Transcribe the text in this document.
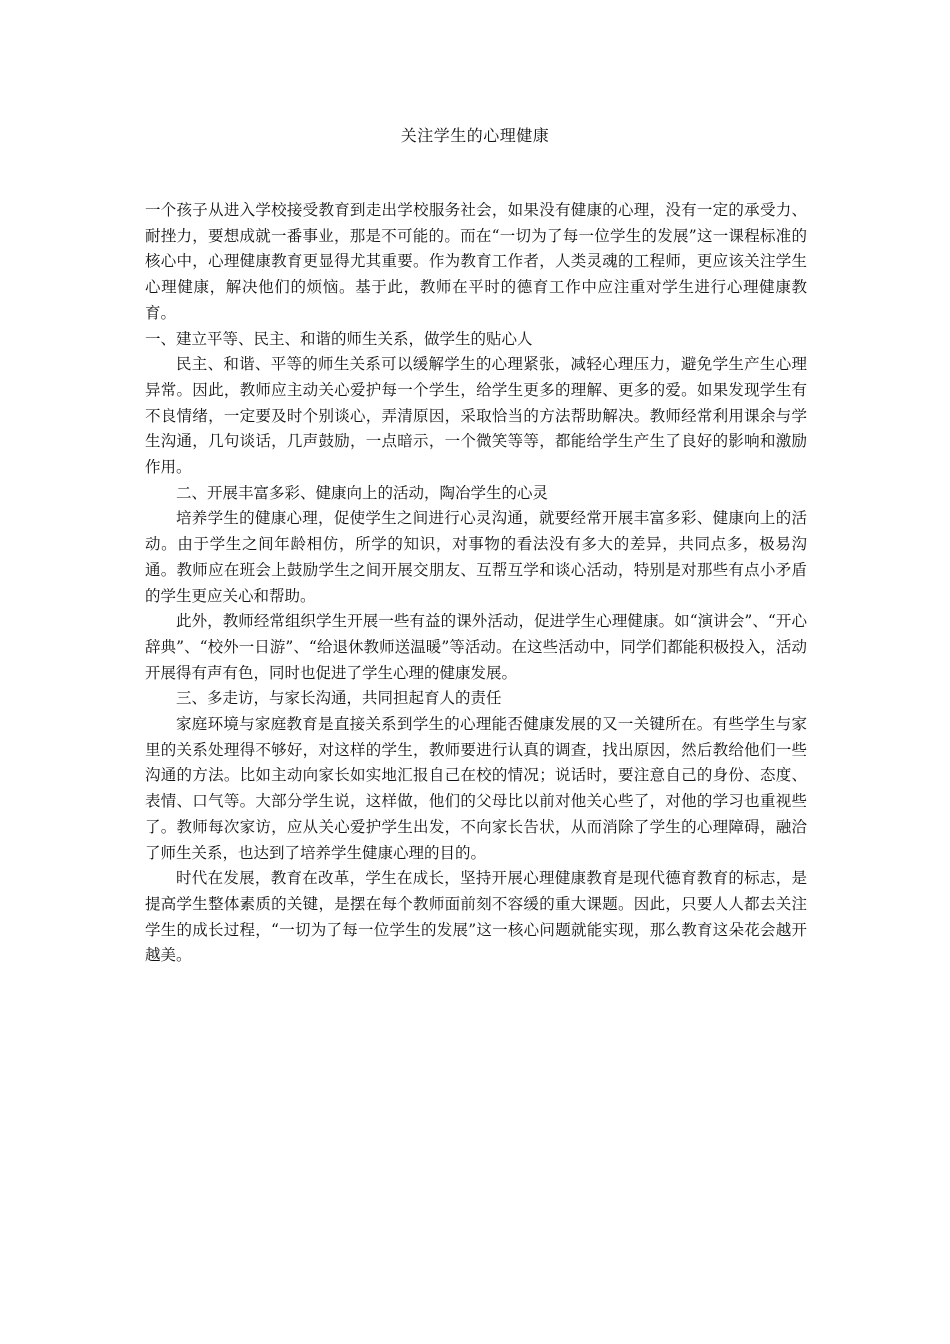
关注学生的心理健康

一个孩子从进入学校接受教育到走出学校服务社会，如果没有健康的心理，没有一定的承受力、耐挫力，要想成就一番事业，那是不可能的。而在“一切为了每一位学生的发展”这一课程标准的核心中，心理健康教育更显得尤其重要。作为教育工作者，人类灵魂的工程师，更应该关注学生心理健康，解决他们的烦恼。基于此，教师在平时的德育工作中应注重对学生进行心理健康教育。

一、建立平等、民主、和谐的师生关系，做学生的贴心人

民主、和谐、平等的师生关系可以缓解学生的心理紧张，减轻心理压力，避免学生产生心理异常。因此，教师应主动关心爱护每一个学生，给学生更多的理解、更多的爱。如果发现学生有不良情绪，一定要及时个别谈心，弄清原因，采取恰当的方法帮助解决。教师经常利用课余与学生沟通，几句谈话，几声鼓励，一点暗示，一个微笑等等，都能给学生产生了良好的影响和激励作用。

二、开展丰富多彩、健康向上的活动，陶冶学生的心灵

培养学生的健康心理，促使学生之间进行心灵沟通，就要经常开展丰富多彩、健康向上的活动。由于学生之间年龄相仿，所学的知识，对事物的看法没有多大的差异，共同点多，极易沟通。教师应在班会上鼓励学生之间开展交朋友、互帮互学和谈心活动，特别是对那些有点小矛盾的学生更应关心和帮助。

此外，教师经常组织学生开展一些有益的课外活动，促进学生心理健康。如“演讲会”、“开心辞典”、“校外一日游”、“给退休教师送温暖”等活动。在这些活动中，同学们都能积极投入，活动开展得有声有色，同时也促进了学生心理的健康发展。

三、多走访，与家长沟通，共同担起育人的责任

家庭环境与家庭教育是直接关系到学生的心理能否健康发展的又一关键所在。有些学生与家里的关系处理得不够好，对这样的学生，教师要进行认真的调查，找出原因，然后教给他们一些沟通的方法。比如主动向家长如实地汇报自己在校的情况；说话时，要注意自己的身份、态度、表情、口气等。大部分学生说，这样做，他们的父母比以前对他关心些了，对他的学习也重视些了。教师每次家访，应从关心爱护学生出发，不向家长告状，从而消除了学生的心理障碍，融洽了师生关系，也达到了培养学生健康心理的目的。

时代在发展，教育在改革，学生在成长，坚持开展心理健康教育是现代德育教育的标志，是提高学生整体素质的关键，是摆在每个教师面前刻不容缓的重大课题。因此，只要人人都去关注学生的成长过程，“一切为了每一位学生的发展”这一核心问题就能实现，那么教育这朵花会越开越美。
